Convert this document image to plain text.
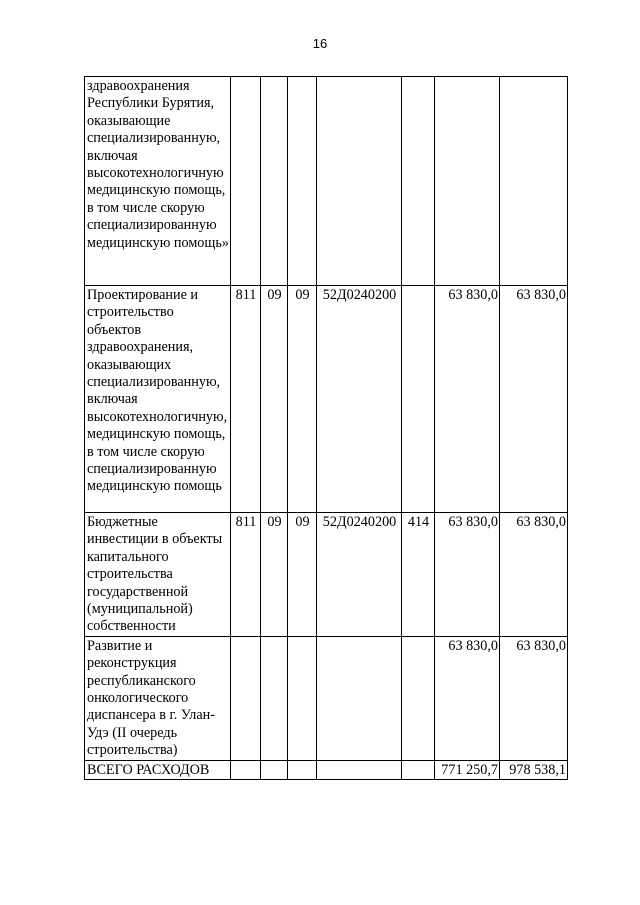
16
здравоохранения Республики Бурятия, оказывающие специализированную, включая высокотехнологичную медицинскую помощь, в том числе скорую специализированную медицинскую помощь»							
Проектирование и строительство объектов здравоохранения, оказывающих специализированную, включая высокотехнологичную, медицинскую помощь, в том числе скорую специализированную медицинскую помощь	811	09	09	52Д0240200		63 830,0	63 830,0
Бюджетные инвестиции в объекты капитального строительства государственной (муниципальной) собственности	811	09	09	52Д0240200	414	63 830,0	63 830,0
Развитие и реконструкция республиканского онкологического диспансера в г. Улан-Удэ (II очередь строительства)						63 830,0	63 830,0
ВСЕГО РАСХОДОВ						771 250,7	978 538,1
